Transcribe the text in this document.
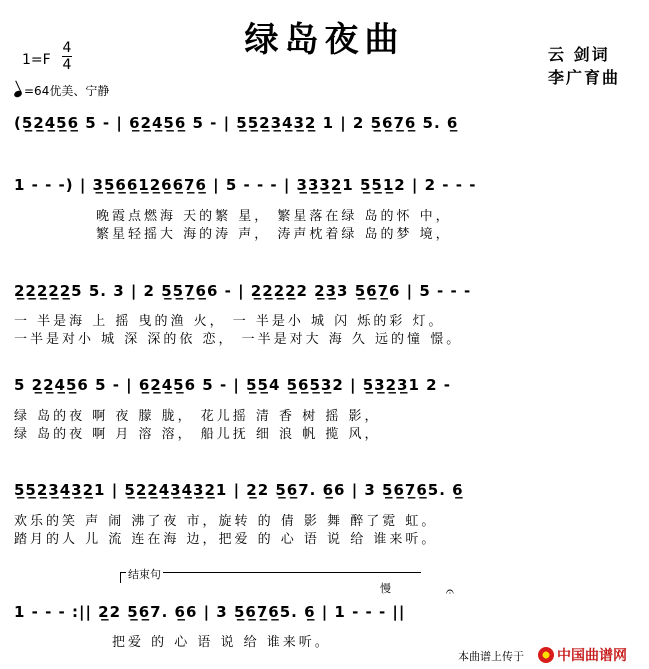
绿岛夜曲
1=F
4
4
=64优美、宁静
云 剑词
李广育曲
(5̲2̲4̲5̲6̲ 5 - | 6̲2̲4̲5̲6̲ 5 - | 5̲5̲2̲3̲4̲3̲2̲ 1 | 2 5̲6̲7̲6̲ 5. 6̲
1 - - -) | 3̲5̲6̲6̲1̲2̲6̲6̲7̲6̲ | 5 - - - | 3̲3̲3̲2̲1 5̲5̲1̲2 | 2 - - -
晚霞点燃海 天的繁 星， 繁星落在绿 岛的怀 中，
繁星轻摇大 海的涛 声， 涛声枕着绿 岛的梦 境，
2̲2̲2̲2̲2̲5 5. 3 | 2 5̲5̲7̲6̲6 - | 2̲2̲2̲2̲2 2̲3̲3 5̲6̲7̲6 | 5 - - -
一 半是海 上 摇 曳的渔 火， 一 半是小 城 闪 烁的彩 灯。
一半是对小 城 深 深的依 恋， 一半是对大 海 久 远的憧 憬。
5 2̲2̲4̲5̲6 5 - | 6̲2̲4̲5̲6 5 - | 5̲5̲4 5̲6̲5̲3̲2 | 5̲3̲2̲3̲1 2 -
绿 岛的夜 啊 夜 朦 胧， 花儿摇 清 香 树 摇 影，
绿 岛的夜 啊 月 溶 溶， 船儿抚 细 浪 帆 揽 风，
5̲5̲2̲3̲4̲3̲2̲1 | 5̲2̲2̲4̲3̲4̲3̲2̲1 | 2̲2 5̲6̲7. 6̲6 | 3 5̲6̲7̲6̲5. 6̲
欢乐的笑 声 闹 沸了夜 市，旋转 的 倩 影 舞 醉了霓 虹。
踏月的人 儿 流 连在海 边，把爱 的 心 语 说 给 谁来听。
结束句
慢	𝄐
1 - - - :|| 2̲2 5̲6̲7. 6̲6 | 3 5̲6̲7̲6̲5. 6̲ | 1 - - - ||
把爱 的 心 语 说 给 谁来听。
本曲谱上传于	中国曲谱网
